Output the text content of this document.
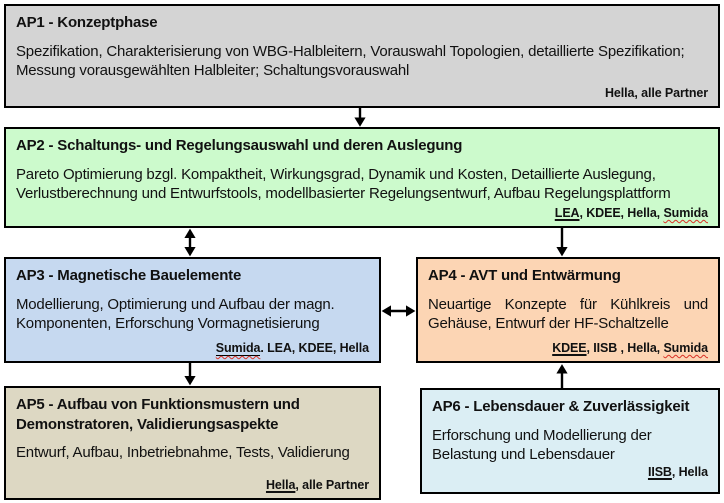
AP1 - Konzeptphase
Spezifikation, Charakterisierung von WBG-Halbleitern, Vorauswahl Topologien, detaillierte Spezifikation; Messung vorausgewählten Halbleiter; Schaltungsvorauswahl
Hella, alle Partner
AP2 - Schaltungs- und Regelungsauswahl und deren Auslegung
Pareto Optimierung bzgl. Kompaktheit, Wirkungsgrad, Dynamik und Kosten, Detaillierte Auslegung, Verlustberechnung und Entwurfstools, modellbasierter Regelungsentwurf, Aufbau Regelungsplattform
LEA, KDEE, Hella, Sumida
AP3 - Magnetische Bauelemente
Modellierung, Optimierung und Aufbau der magn. Komponenten, Erforschung Vormagnetisierung
Sumida. LEA, KDEE, Hella
AP4 - AVT und Entwärmung
Neuartige Konzepte für Kühlkreis und Gehäuse, Entwurf der HF-Schaltzelle
KDEE, IISB , Hella, Sumida
AP5 - Aufbau von Funktionsmustern und Demonstratoren, Validierungsaspekte
Entwurf, Aufbau, Inbetriebnahme, Tests, Validierung
Hella, alle Partner
AP6 - Lebensdauer & Zuverlässigkeit
Erforschung und Modellierung der Belastung und Lebensdauer
IISB, Hella
